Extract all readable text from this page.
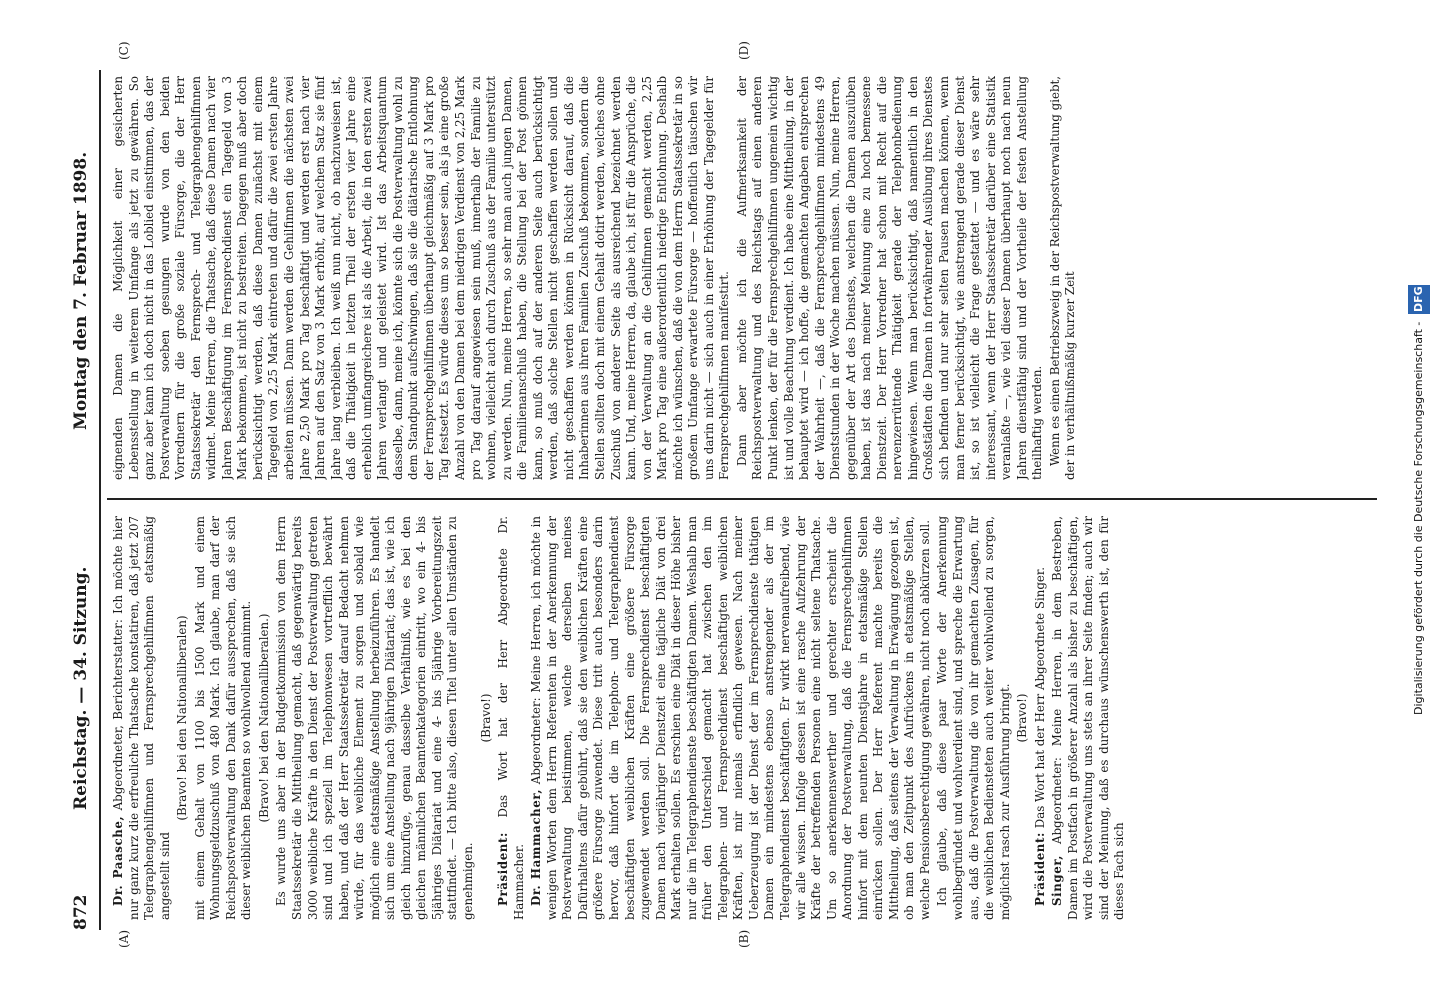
872
Reichstag. — 34. Sitzung.
Montag den 7. Februar 1898.
(A)	(B)
(C)	(D)

Dr. Paasche, Abgeordneter, Berichterstatter: Ich möchte hier nur ganz kurz die erfreuliche Thatsache konstatiren, daß jetzt 207 Telegraphengehilfinnen und Fernsprechgehilfinnen etatsmäßig angestellt sind

(Bravo! bei den Nationalliberalen) mit einem Gehalt von 1100 bis 1500 Mark und einem Wohnungsgeldzuschuß von 480 Mark. Ich glaube, man darf der Reichspostverwaltung den Dank dafür aussprechen, daß sie sich dieser weiblichen Beamten so wohlwollend annimmt. (Bravo! bei den Nationalliberalen.) Es wurde uns aber in der Budgetkommission von dem Herrn Staatssekretär die Mittheilung gemacht, daß gegenwärtig bereits 3000 weibliche Kräfte in den Dienst der Postverwaltung getreten sind und ich speziell im Telephonwesen vortrefflich bewährt haben, und daß der Herr Staatssekretär darauf Bedacht nehmen würde, für das weibliche Element zu sorgen und sobald wie möglich eine etatsmäßige Anstellung herbeizuführen. Es handelt sich um eine Anstellung nach 9jährigen Diätariat; das ist, wie ich gleich hinzufüge, genau dasselbe Verhältniß, wie es bei den gleichen männlichen Beamtenkategorien eintritt, wo ein 4- bis 5jähriges Diätariat und eine 4- bis 5jährige Vorbereitungszeit stattfindet. — Ich bitte also, diesen Titel unter allen Umständen zu genehmigen.

(Bravo!)

Präsident: Das Wort hat der Herr Abgeordnete Dr. Hammacher. Dr. Hammacher, Abgeordneter: Meine Herren, ich möchte in wenigen Worten dem Herrn Referenten in der Anerkennung der Postverwaltung beistimmen, welche derselben meines Dafürhaltens dafür gebührt, daß sie den weiblichen Kräften eine größere Fürsorge zuwendet. Diese tritt auch besonders darin hervor, daß hinfort die im Telephon- und Telegraphendienst beschäftigten weiblichen Kräften eine größere Fürsorge zugewendet werden soll. Die Fernsprechdienst beschäftigten Damen nach vierjähriger Dienstzeit eine tägliche Diät von drei Mark erhalten sollen. Es erschien eine Diät in dieser Höhe bisher nur die im Telegraphendienste beschäftigten Damen. Weshalb man früher den Unterschied gemacht hat zwischen den im Telegraphen- und Fernsprechdienst beschäftigten weiblichen Kräften, ist mir niemals erfindlich gewesen. Nach meiner Ueberzeugung ist der Dienst der im Fernsprechdienste thätigen Damen ein mindestens ebenso anstrengender als der im Telegraphendienst beschäftigten. Er wirkt nervenaufreibend, wie wir alle wissen. Infolge dessen ist eine rasche Aufzehrung der Kräfte der betreffenden Personen eine nicht seltene Thatsache. Um so anerkennenswerther und gerechter erscheint die Anordnung der Postverwaltung, daß die Fernsprechgehilfinnen hinfort mit dem neunten Dienstjahre in etatsmäßige Stellen einrücken sollen. Der Herr Referent machte bereits die Mittheilung, daß seitens der Verwaltung in Erwägung gezogen ist, ob man den Zeitpunkt des Aufrückens in etatsmäßige Stellen, welche Pensionsberechtigung gewähren, nicht noch abkürzen soll. Ich glaube, daß diese paar Worte der Anerkennung wohlbegründet und wohlverdient sind, und spreche die Erwartung aus, daß die Postverwaltung die von ihr gemachten Zusagen, für die weiblichen Bediensteten auch weiter wohlwollend zu sorgen, möglichst rasch zur Ausführung bringt. (Bravo!)

Präsident: Das Wort hat der Herr Abgeordnete Singer.

Singer, Abgeordneter: Meine Herren, in dem Bestreben, Damen im Postfach in größerer Anzahl als bisher zu beschäftigen, wird die Postverwaltung uns stets an ihrer Seite finden; auch wir sind der Meinung, daß es durchaus wünschenswerth ist, den für dieses Fach sich

eignenden Damen die Möglichkeit einer gesicherten Lebensstellung in weiterem Umfange als jetzt zu gewähren. So ganz aber kann ich doch nicht in das Loblied einstimmen, das der Postverwaltung soeben gesungen wurde von den beiden Vorrednern für die große soziale Fürsorge, die der Herr Staatssekretär den Fernsprech- und Telegraphengehilfinnen widmet. Meine Herren, die Thatsache, daß diese Damen nach vier Jahren Beschäftigung im Fernsprechdienst ein Tagegeld von 3 Mark bekommen, ist nicht zu bestreiten. Dagegen muß aber doch berücksichtigt werden, daß diese Damen zunächst mit einem Tagegeld von 2,25 Mark eintreten und dafür die zwei ersten Jahre arbeiten müssen. Dann werden die Gehilfinnen die nächsten zwei Jahre 2,50 Mark pro Tag beschäftigt und werden erst nach vier Jahren auf den Satz von 3 Mark erhöht, auf welchem Satz sie fünf Jahre lang verbleiben. Ich weiß nun nicht, ob nachzuweisen ist, daß die Thätigkeit in letzten Theil der ersten vier Jahre eine erheblich umfangreichere ist als die Arbeit, die in den ersten zwei Jahren verlangt und geleistet wird. Ist das Arbeitsquantum dasselbe, dann, meine ich, könnte sich die Postverwaltung wohl zu dem Standpunkt aufschwingen, daß sie die diätarische Entlohnung der Fernsprechgehilfinnen überhaupt gleichmäßig auf 3 Mark pro Tag festsetzt. Es würde dieses um so besser sein, als ja eine große Anzahl von den Damen bei dem niedrigen Verdienst von 2,25 Mark pro Tag darauf angewiesen sein muß, innerhalb der Familie zu wohnen, vielleicht auch durch Zuschuß aus der Familie unterstützt zu werden. Nun, meine Herren, so sehr man auch jungen Damen, die Familienanschluß haben, die Stellung bei der Post gönnen kann, so muß doch auf der anderen Seite auch berücksichtigt werden, daß solche Stellen nicht geschaffen werden sollen und nicht geschaffen werden können in Rücksicht darauf, daß die Inhaberinnen aus ihren Familien Zuschuß bekommen, sondern die Stellen sollten doch mit einem Gehalt dotirt werden, welches ohne Zuschuß von anderer Seite als ausreichend bezeichnet werden kann. Und, meine Herren, da, glaube ich, ist für die Ansprüche, die von der Verwaltung an die Gehilfinnen gemacht werden, 2,25 Mark pro Tag eine außerordentlich niedrige Entlohnung. Deshalb möchte ich wünschen, daß die von dem Herrn Staatssekretär in so großem Umfange erwartete Fürsorge — hoffentlich täuschen wir uns darin nicht — sich auch in einer Erhöhung der Tagegelder für Fernsprechgehilfinnen manifestirt. Dann aber möchte ich die Aufmerksamkeit der Reichspostverwaltung und des Reichstags auf einen anderen Punkt lenken, der für die Fernsprechgehilfinnen ungemein wichtig ist und volle Beachtung verdient. Ich habe eine Mittheilung, in der behauptet wird — ich hoffe, die gemachten Angaben entsprechen der Wahrheit —, daß die Fernsprechgehilfinnen mindestens 49 Dienststunden in der Woche machen müssen. Nun, meine Herren, gegenüber der Art des Dienstes, welchen die Damen auszuüben haben, ist das nach meiner Meinung eine zu hoch bemessene Dienstzeit. Der Herr Vorredner hat schon mit Recht auf die nervenzerrüttende Thätigkeit gerade der Telephonbedienung hingewiesen. Wenn man berücksichtigt, daß namentlich in den Großstädten die Damen in fortwährender Ausübung ihres Dienstes sich befinden und nur sehr selten Pausen machen können, wenn man ferner berücksichtigt, wie anstrengend gerade dieser Dienst ist, so ist vielleicht die Frage gestattet — und es wäre sehr interessant, wenn der Herr Staatssekretär darüber eine Statistik veranlaßte —, wie viel dieser Damen überhaupt noch nach neun Jahren dienstfähig sind und der Vortheile der festen Anstellung theilhaftig werden. Wenn es einen Betriebszweig in der Reichspostverwaltung giebt, der in verhältnißmäßig kurzer Zeit	Digitalisierung gefördert durch die Deutsche Forschungsgemeinschaft - DFG
